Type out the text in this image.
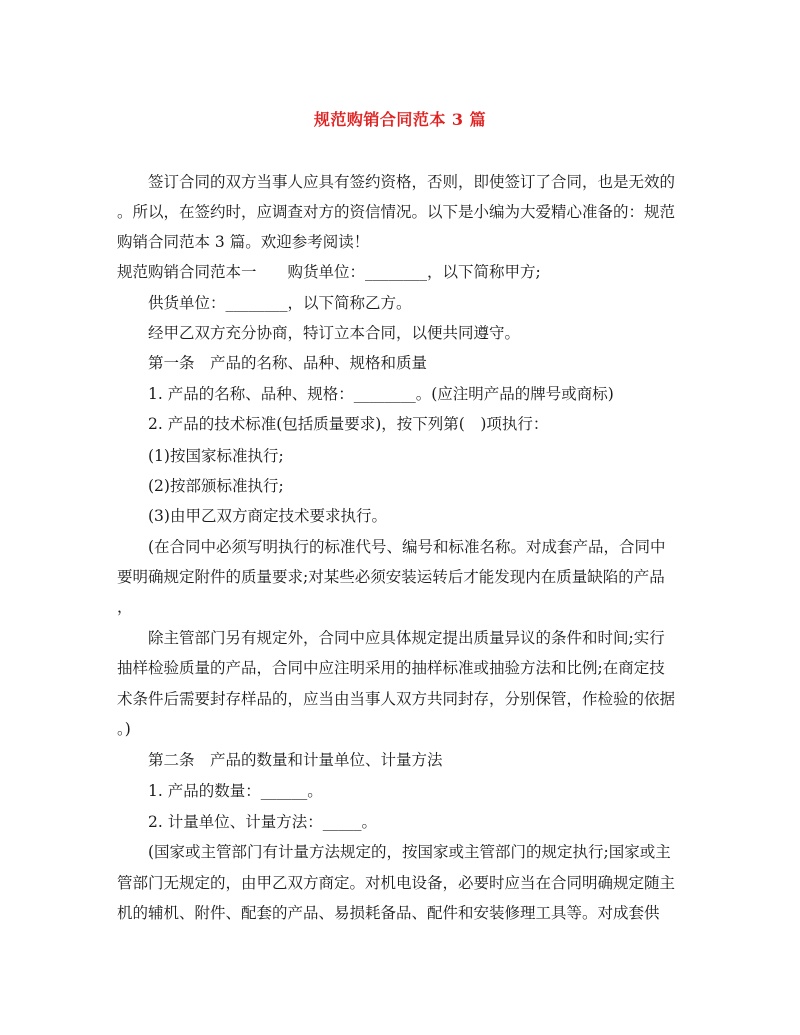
规范购销合同范本 3 篇
签订合同的双方当事人应具有签约资格，否则，即使签订了合同，也是无效的
。所以，在签约时，应调查对方的资信情况。以下是小编为大爱精心准备的：规范
购销合同范本 3 篇。欢迎参考阅读！
规范购销合同范本一　　购货单位：________，以下简称甲方;
供货单位：________，以下简称乙方。
经甲乙双方充分协商，特订立本合同，以便共同遵守。
第一条　产品的名称、品种、规格和质量
1. 产品的名称、品种、规格：________。(应注明产品的牌号或商标)
2. 产品的技术标准(包括质量要求)，按下列第(　)项执行：
(1)按国家标准执行;
(2)按部颁标准执行;
(3)由甲乙双方商定技术要求执行。
(在合同中必须写明执行的标准代号、编号和标准名称。对成套产品，合同中
要明确规定附件的质量要求;对某些必须安装运转后才能发现内在质量缺陷的产品
，
除主管部门另有规定外，合同中应具体规定提出质量异议的条件和时间;实行
抽样检验质量的产品，合同中应注明采用的抽样标准或抽验方法和比例;在商定技
术条件后需要封存样品的，应当由当事人双方共同封存，分别保管，作检验的依据
。)
第二条　产品的数量和计量单位、计量方法
1. 产品的数量：______。
2. 计量单位、计量方法：_____。
(国家或主管部门有计量方法规定的，按国家或主管部门的规定执行;国家或主
管部门无规定的，由甲乙双方商定。对机电设备，必要时应当在合同明确规定随主
机的辅机、附件、配套的产品、易损耗备品、配件和安装修理工具等。对成套供
